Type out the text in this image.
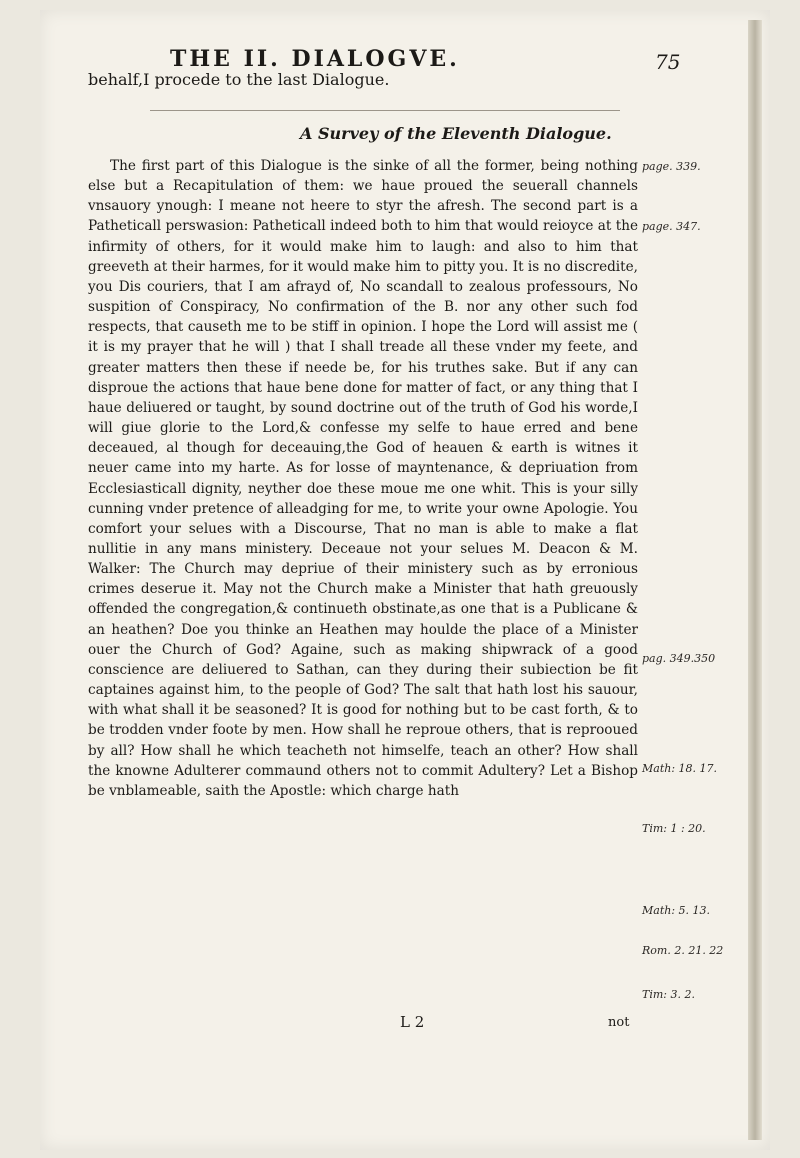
THE II. DIALOGVE.	75
behalf,I procede to the last Dialogue.
A Survey of the Eleventh Dialogue.

The first part of this Dialogue is the sinke of all the former, being nothing else but a Recapitulation of them: we haue proued the seuerall channels vnsauory ynough: I meane not heere to styr the afresh. The second part is a Patheticall perswasion: Patheticall indeed both to him that would reioyce at the infirmity of others, for it would make him to laugh: and also to him that greeveth at their harmes, for it would make him to pitty you. It is no discredite, you Dis couriers, that I am afrayd of, No scandall to zealous professours, No suspition of Conspiracy, No confirmation of the B. nor any other such fod respects, that causeth me to be stiff in opinion. I hope the Lord will assist me ( it is my prayer that he will ) that I shall treade all these vnder my feete, and greater matters then these if neede be, for his truthes sake. But if any can disproue the actions that haue bene done for matter of fact, or any thing that I haue deliuered or taught, by sound doctrine out of the truth of God his worde,I will giue glorie to the Lord,& confesse my selfe to haue erred and bene deceaued, al though for deceauing,the God of heauen & earth is witnes it neuer came into my harte. As for losse of mayntenance, & depriuation from Ecclesiasticall dignity, neyther doe these moue me one whit. This is your silly cunning vnder pretence of alleadging for me, to write your owne Apologie. You comfort your selues with a Discourse, That no man is able to make a flat nullitie in any mans ministery. Deceaue not your selues M. Deacon & M. Walker: The Church may depriue of their ministery such as by erronious crimes deserue it. May not the Church make a Minister that hath greuously offended the congregation,& continueth obstinate,as one that is a Publicane & an heathen? Doe you thinke an Heathen may houlde the place of a Minister ouer the Church of God? Againe, such as making shipwrack of a good conscience are deliuered to Sathan, can they during their subiection be fit captaines against him, to the people of God? The salt that hath lost his sauour, with what shall it be seasoned? It is good for nothing but to be cast forth, & to be trodden vnder foote by men. How shall he reproue others, that is reprooued by all? How shall he which teacheth not himselfe, teach an other? How shall the knowne Adulterer commaund others not to commit Adultery? Let a Bishop be vnblameable, saith the Apostle: which charge hath

page. 339.
page. 347.
pag. 349.350
Math: 18. 17.
Tim: 1 : 20.
Math: 5. 13.
Rom. 2. 21. 22
Tim: 3. 2.
L 2	not
